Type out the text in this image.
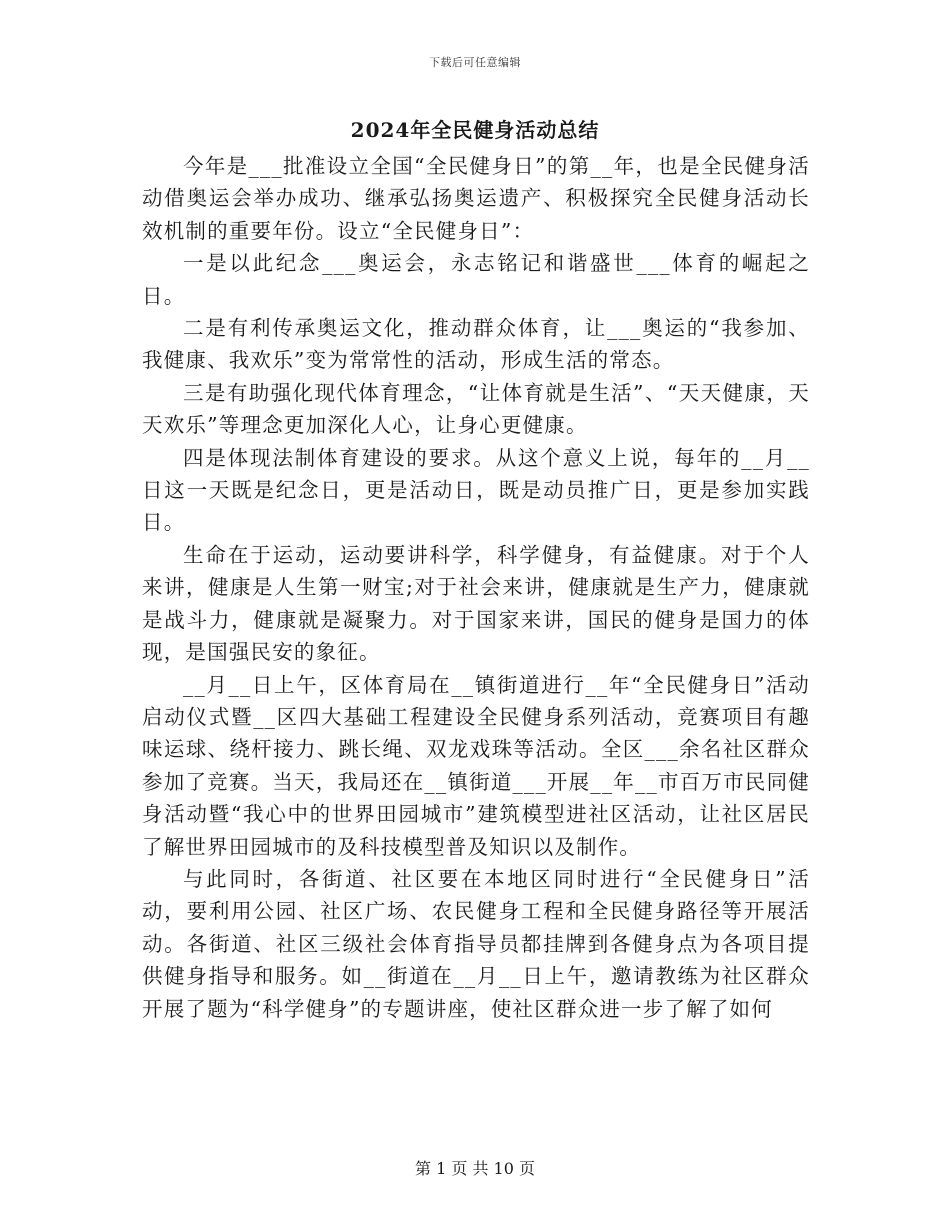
下载后可任意编辑
2024年全民健身活动总结

今年是___批准设立全国“全民健身日”的第__年，也是全民健身活动借奥运会举办成功、继承弘扬奥运遗产、积极探究全民健身活动长效机制的重要年份。设立“全民健身日”：

一是以此纪念___奥运会，永志铭记和谐盛世___体育的崛起之日。

二是有利传承奥运文化，推动群众体育，让___奥运的“我参加、我健康、我欢乐”变为常常性的活动，形成生活的常态。

三是有助强化现代体育理念，“让体育就是生活”、“天天健康，天天欢乐”等理念更加深化人心，让身心更健康。

四是体现法制体育建设的要求。从这个意义上说，每年的__月__日这一天既是纪念日，更是活动日，既是动员推广日，更是参加实践日。

生命在于运动，运动要讲科学，科学健身，有益健康。对于个人来讲，健康是人生第一财宝;对于社会来讲，健康就是生产力，健康就是战斗力，健康就是凝聚力。对于国家来讲，国民的健身是国力的体现，是国强民安的象征。

__月__日上午，区体育局在__镇街道进行__年“全民健身日”活动启动仪式暨__区四大基础工程建设全民健身系列活动，竞赛项目有趣味运球、绕杆接力、跳长绳、双龙戏珠等活动。全区___余名社区群众参加了竞赛。当天，我局还在__镇街道___开展__年__市百万市民同健身活动暨“我心中的世界田园城市”建筑模型进社区活动，让社区居民了解世界田园城市的及科技模型普及知识以及制作。

与此同时，各街道、社区要在本地区同时进行“全民健身日”活动，要利用公园、社区广场、农民健身工程和全民健身路径等开展活动。各街道、社区三级社会体育指导员都挂牌到各健身点为各项目提供健身指导和服务。如__街道在__月__日上午，邀请教练为社区群众开展了题为“科学健身”的专题讲座，使社区群众进一步了解了如何

第 1 页 共 10 页
